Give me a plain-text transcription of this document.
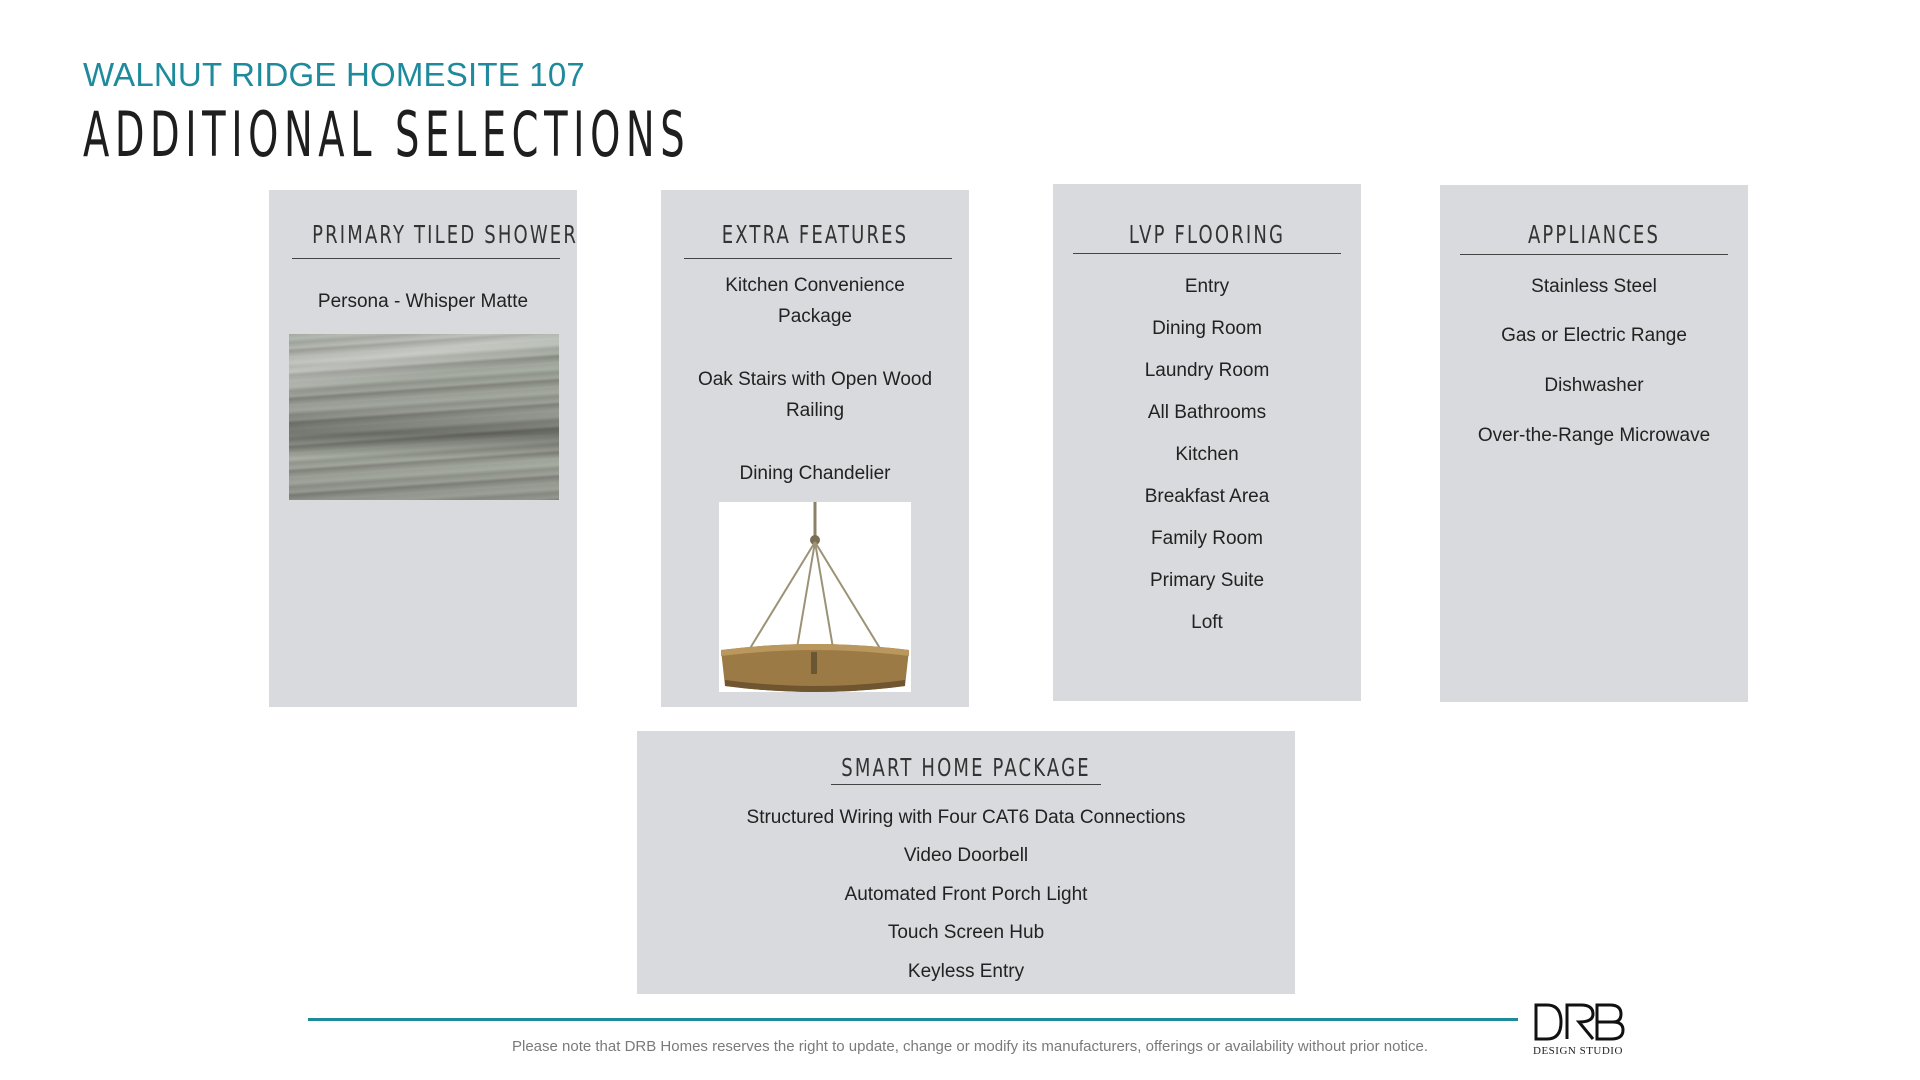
WALNUT RIDGE HOMESITE 107
ADDITIONAL SELECTIONS
PRIMARY TILED SHOWER
Persona - Whisper Matte
EXTRA FEATURES
Kitchen Convenience
Package
Oak Stairs with Open Wood
Railing
Dining Chandelier
LVP FLOORING
Entry
Dining Room
Laundry Room
All Bathrooms
Kitchen
Breakfast Area
Family Room
Primary Suite
Loft
APPLIANCES
Stainless Steel
Gas or Electric Range
Dishwasher
Over-the-Range Microwave
SMART HOME PACKAGE
Structured Wiring with Four CAT6 Data Connections
Video Doorbell
Automated Front Porch Light
Touch Screen Hub
Keyless Entry
Please note that DRB Homes reserves the right to update, change or modify its manufacturers, offerings or availability without prior notice.	DESIGN STUDIO
